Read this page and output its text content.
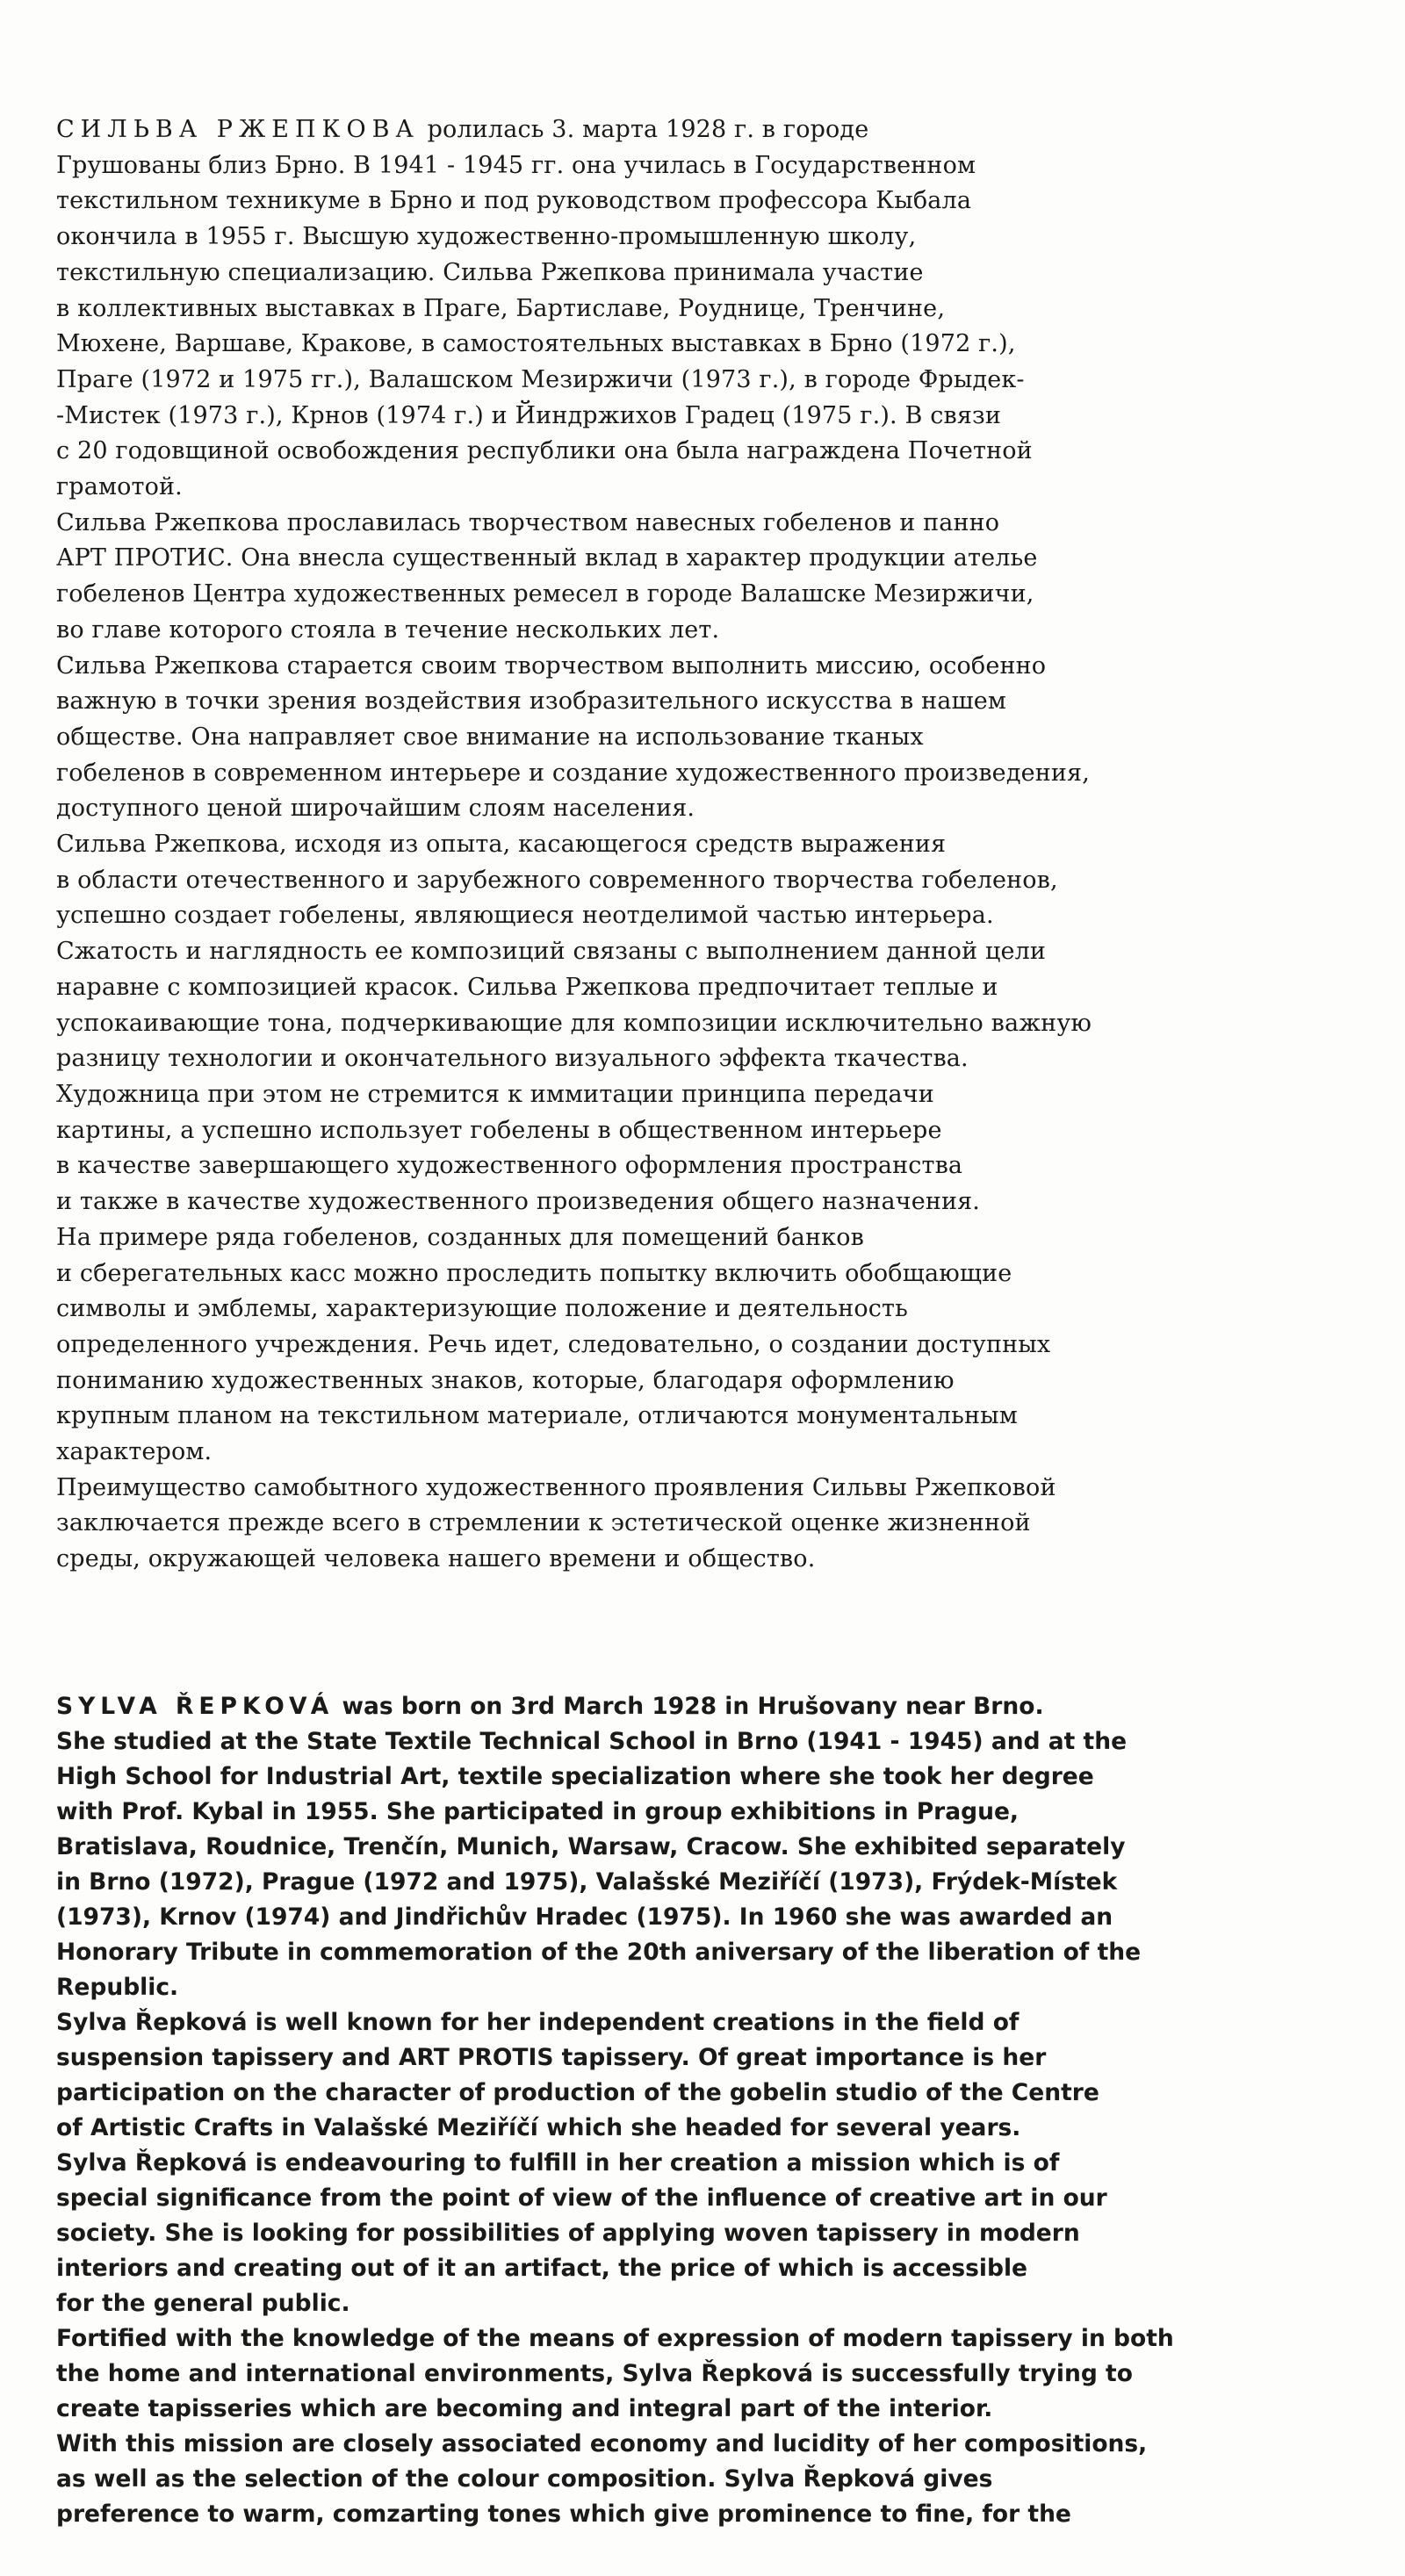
СИЛЬВА РЖЕПКОВА ролилась 3. марта 1928 г. в городе
Грушованы близ Брно. В 1941 - 1945 гг. она училась в Государственном
текстильном техникуме в Брно и под руководством профессора Кыбала
окончила в 1955 г. Высшую художественно-промышленную школу,
текстильную специализацию. Сильва Ржепкова принимала участие
в коллективных выставках в Праге, Бартиславе, Роуднице, Тренчине,
Мюхене, Варшаве, Кракове, в самостоятельных выставках в Брно (1972 г.),
Праге (1972 и 1975 гг.), Валашском Мезиржичи (1973 г.), в городе Фрыдек-
-Мистек (1973 г.), Крнов (1974 г.) и Йиндржихов Градец (1975 г.). В связи
с 20 годовщиной освобождения республики она была награждена Почетной
грамотой.
Сильва Ржепкова прославилась творчеством навесных гобеленов и панно
АРТ ПРОТИС. Она внесла существенный вклад в характер продукции ателье
гобеленов Центра художественных ремесел в городе Валашске Мезиржичи,
во главе которого стояла в течение нескольких лет.
Сильва Ржепкова старается своим творчеством выполнить миссию, особенно
важную в точки зрения воздействия изобразительного искусства в нашем
обществе. Она направляет свое внимание на использование тканых
гобеленов в современном интерьере и создание художественного произведения,
доступного ценой широчайшим слоям населения.
Сильва Ржепкова, исходя из опыта, касающегося средств выражения
в области отечественного и зарубежного современного творчества гобеленов,
успешно создает гобелены, являющиеся неотделимой частью интерьера.
Сжатость и наглядность ее композиций связаны с выполнением данной цели
наравне с композицией красок. Сильва Ржепкова предпочитает теплые и
успокаивающие тона, подчеркивающие для композиции исключительно важную
разницу технологии и окончательного визуального эффекта ткачества.
Художница при этом не стремится к иммитации принципа передачи
картины, а успешно использует гобелены в общественном интерьере
в качестве завершающего художественного оформления пространства
и также в качестве художественного произведения общего назначения.
На примере ряда гобеленов, созданных для помещений банков
и сберегательных касс можно проследить попытку включить обобщающие
символы и эмблемы, характеризующие положение и деятельность
определенного учреждения. Речь идет, следовательно, о создании доступных
пониманию художественных знаков, которые, благодаря оформлению
крупным планом на текстильном материале, отличаются монументальным
характером.
Преимущество самобытного художественного проявления Сильвы Ржепковой
заключается прежде всего в стремлении к эстетической оценке жизненной
среды, окружающей человека нашего времени и общество.
SYLVA ŘEPKOVÁ was born on 3rd March 1928 in Hrušovany near Brno.
She studied at the State Textile Technical School in Brno (1941 - 1945) and at the
High School for Industrial Art, textile specialization where she took her degree
with Prof. Kybal in 1955. She participated in group exhibitions in Prague,
Bratislava, Roudnice, Trenčín, Munich, Warsaw, Cracow. She exhibited separately
in Brno (1972), Prague (1972 and 1975), Valašské Meziříčí (1973), Frýdek-Místek
(1973), Krnov (1974) and Jindřichův Hradec (1975). In 1960 she was awarded an
Honorary Tribute in commemoration of the 20th aniversary of the liberation of the
Republic.
Sylva Řepková is well known for her independent creations in the field of
suspension tapissery and ART PROTIS tapissery. Of great importance is her
participation on the character of production of the gobelin studio of the Centre
of Artistic Crafts in Valašské Meziříčí which she headed for several years.
Sylva Řepková is endeavouring to fulfill in her creation a mission which is of
special significance from the point of view of the influence of creative art in our
society. She is looking for possibilities of applying woven tapissery in modern
interiors and creating out of it an artifact, the price of which is accessible
for the general public.
Fortified with the knowledge of the means of expression of modern tapissery in both
the home and international environments, Sylva Řepková is successfully trying to
create tapisseries which are becoming and integral part of the interior.
With this mission are closely associated economy and lucidity of her compositions,
as well as the selection of the colour composition. Sylva Řepková gives
preference to warm, comzarting tones which give prominence to fine, for the
